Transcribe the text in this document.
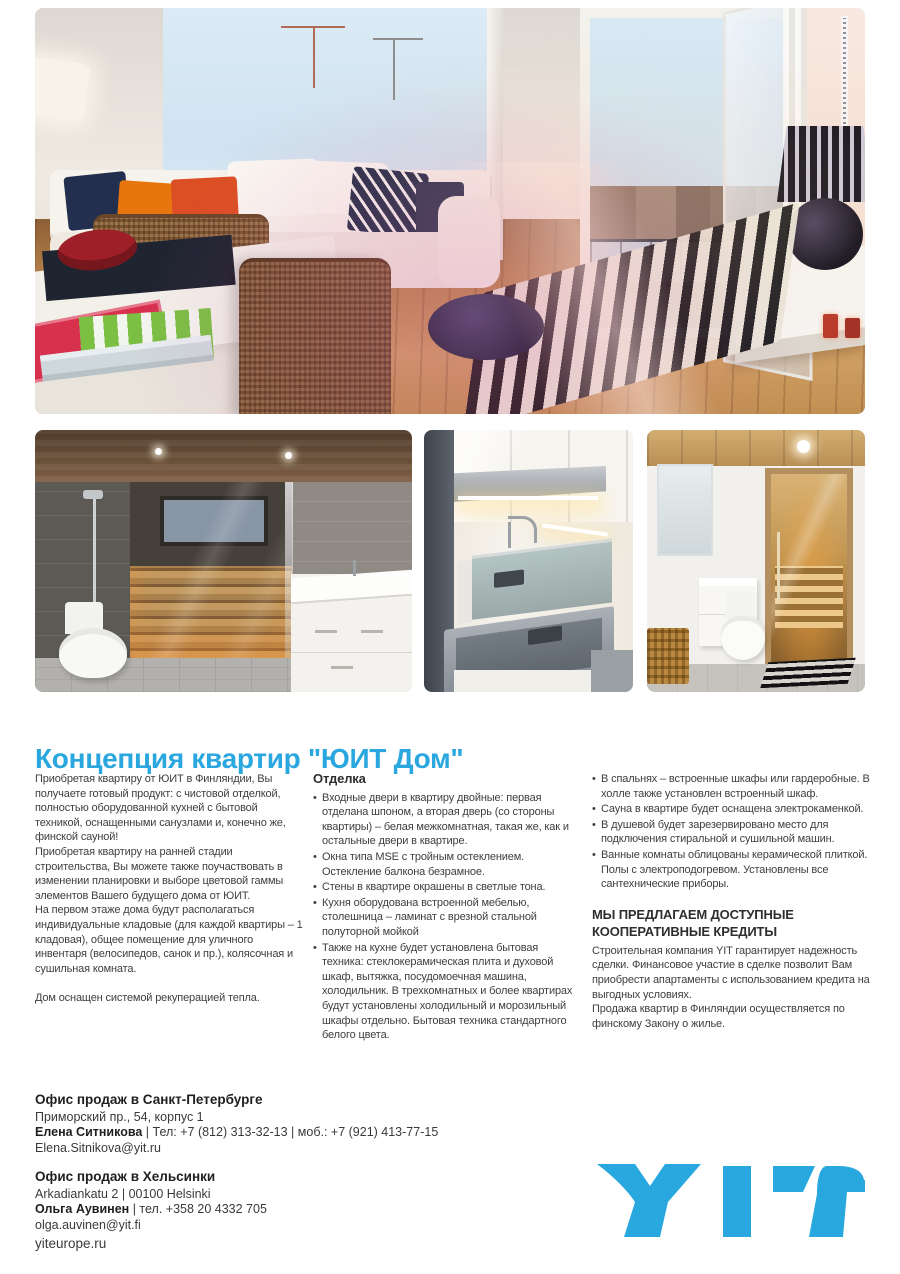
Концепция квартир "ЮИТ Дом"

Приобретая квартиру от ЮИТ в Финляндии, Вы получаете готовый продукт: с чистовой отделкой, полностью оборудованной кухней с бытовой техникой, оснащенными санузлами и, конечно же, финской сауной!

Приобретая квартиру на ранней стадии строительства, Вы можете также поучаствовать в изменении планировки и выборе цветовой гаммы элементов Вашего будущего дома от ЮИТ.

На первом этаже дома будут располагаться индивидуальные кладовые (для каждой квартиры – 1 кладовая), общее помещение для уличного инвентаря (велосипедов, санок и пр.), колясочная и сушильная комната.

Дом оснащен системой рекуперацией тепла.

Отделка
• Входные двери в квартиру двойные: первая отделана шпоном, а вторая дверь (со стороны квартиры) – белая межкомнатная, такая же, как и остальные двери в квартире.
• Окна типа MSE с тройным остеклением. Остекление балкона безрамное.
• Стены в квартире окрашены в светлые тона.
• Кухня оборудована встроенной мебелью, столешница – ламинат с врезной стальной полуторной мойкой
• Также на кухне будет установлена бытовая техника: стеклокерамическая плита и духовой шкаф, вытяжка, посудомоечная машина, холодильник. В трехкомнатных и более квартирах будут установлены холодильный и морозильный шкафы отдельно. Бытовая техника стандартного белого цвета.
• В спальнях – встроенные шкафы или гардеробные. В холле также установлен встроенный шкаф.
• Сауна в квартире будет оснащена электрокаменкой.
• В душевой будет зарезервировано место для подключения стиральной и сушильной машин.
• Ванные комнаты облицованы керамической плиткой. Полы с электроподогревом. Установлены все сантехнические приборы.
МЫ ПРЕДЛАГАЕМ ДОСТУПНЫЕ КООПЕРАТИВНЫЕ КРЕДИТЫ

Строительная компания YIT гарантирует надежность сделки. Финансовое участие в сделке позволит Вам приобрести апартаменты с использованием кредита на выгодных условиях.

Продажа квартир в Финляндии осуществляется по финскому Закону о жилье.

Офис продаж в Санкт-Петербурге
Приморский пр., 54, корпус 1
Елена Ситникова | Тел: +7 (812) 313-32-13 | моб.: +7 (921) 413-77-15
Elena.Sitnikova@yit.ru
Офис продаж в Хельсинки
Arkadiankatu 2 | 00100 Helsinki
Ольга Аувинен | тел. +358 20 4332 705
olga.auvinen@yit.fi
yiteurope.ru
